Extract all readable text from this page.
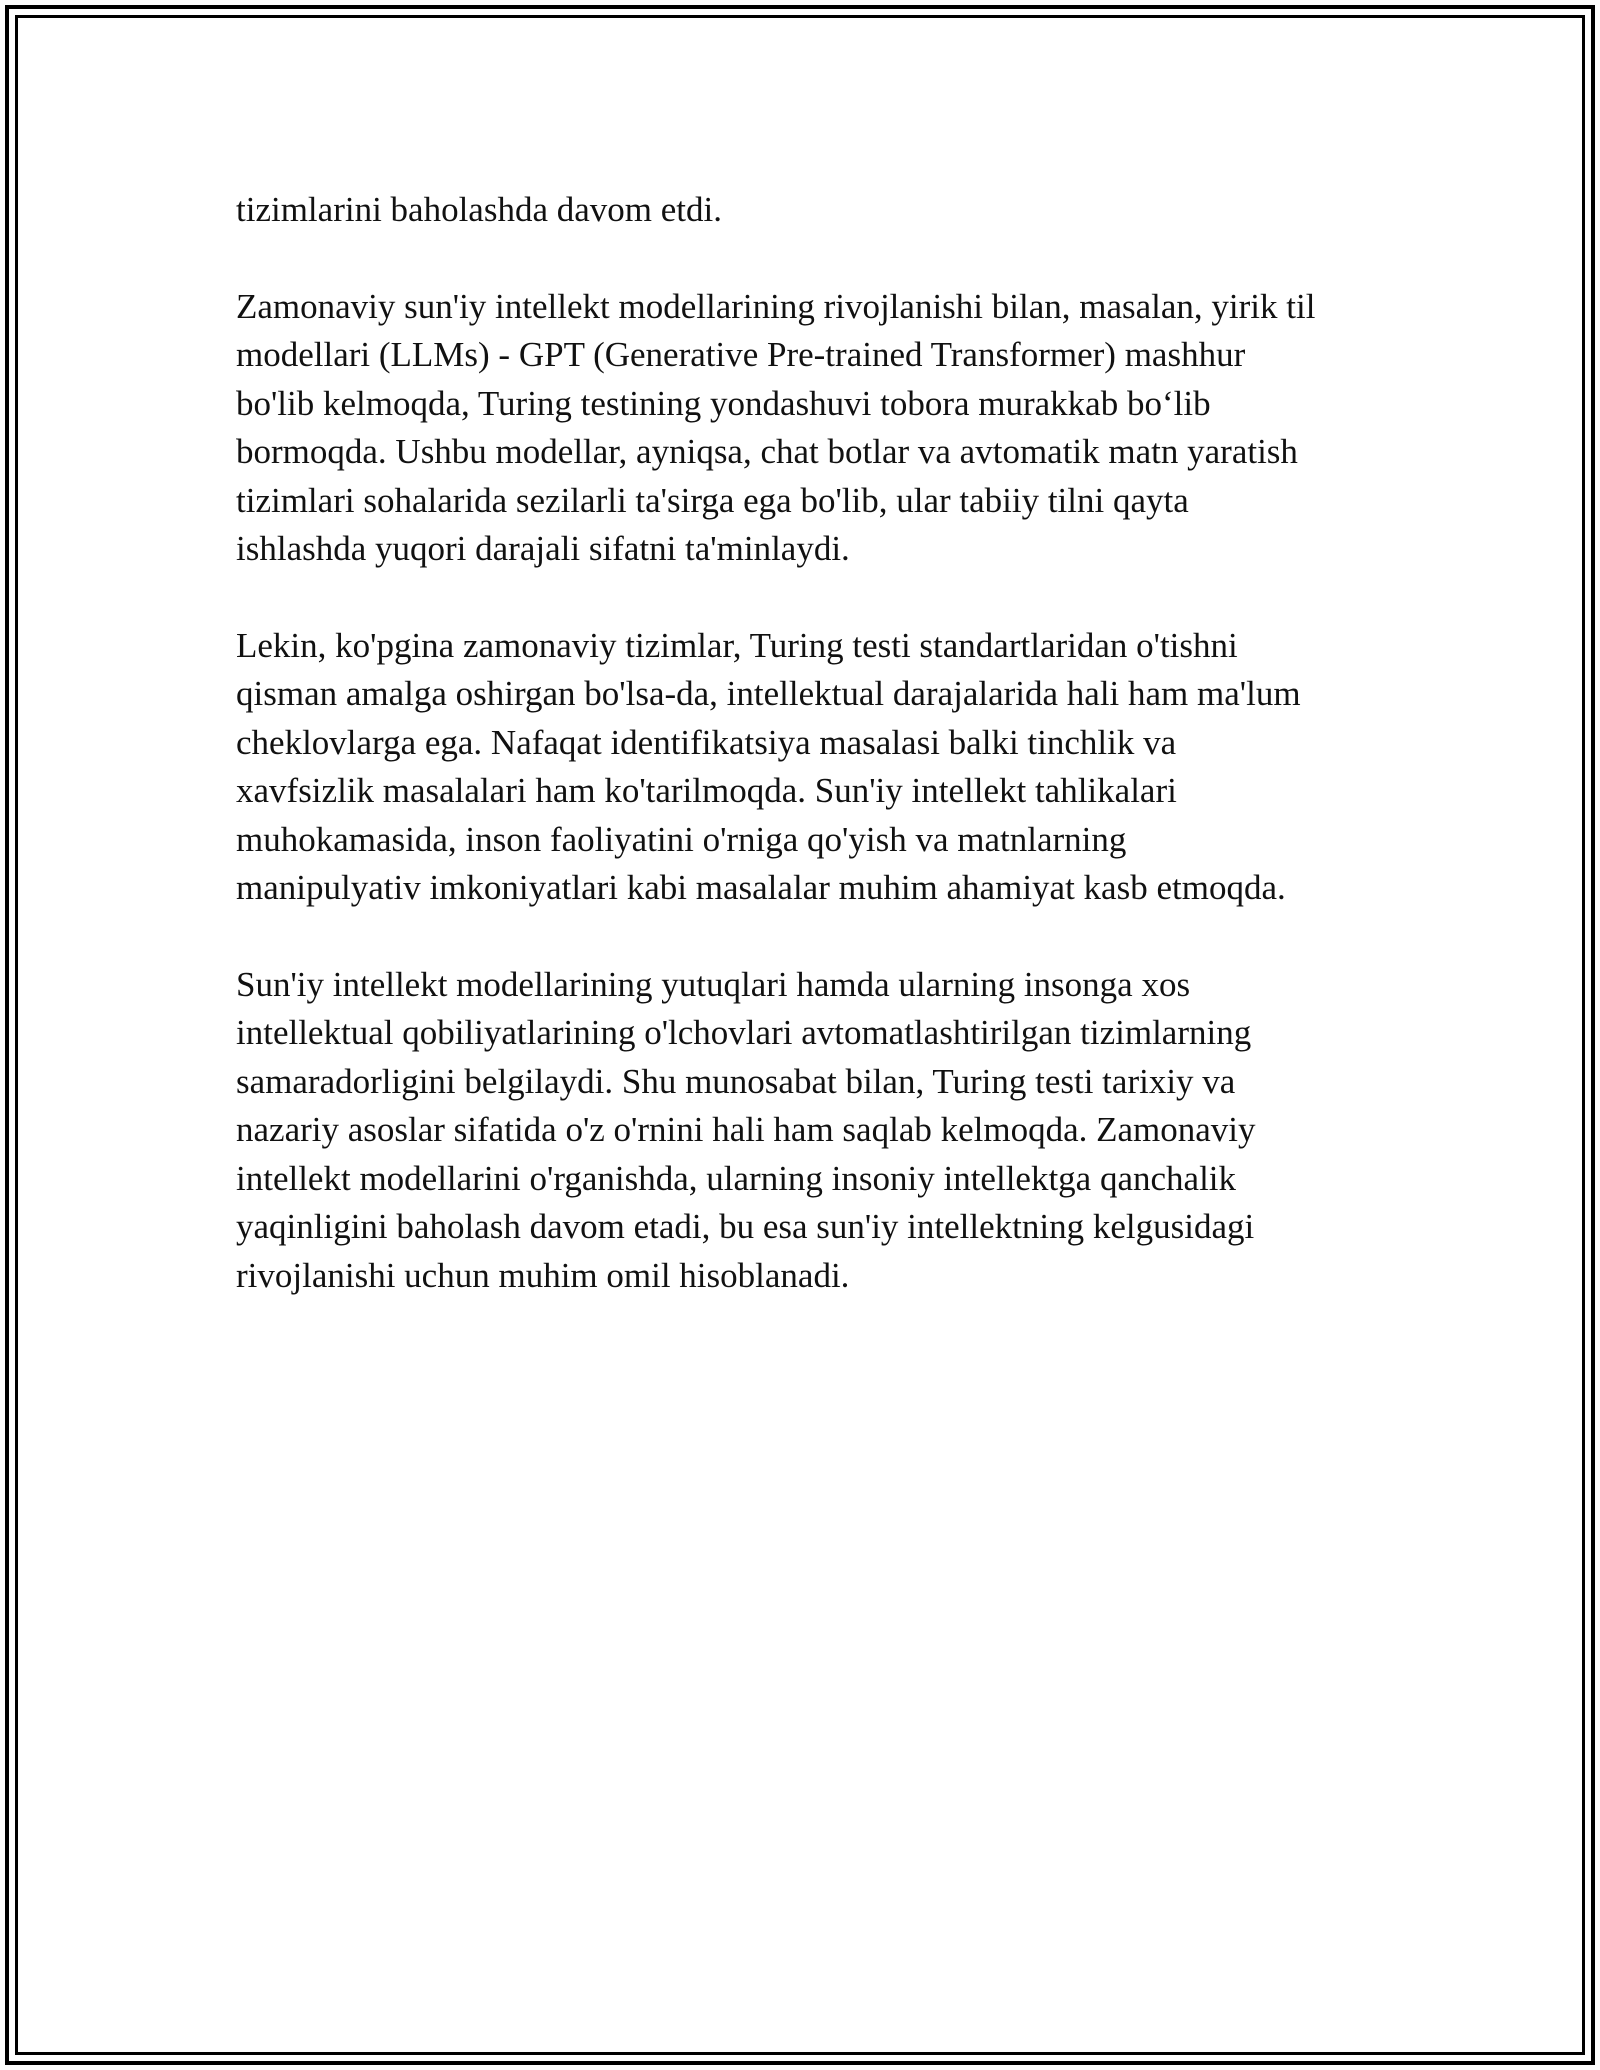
tizimlarini baholashda davom etdi.
Zamonaviy sun'iy intellekt modellarining rivojlanishi bilan, masalan, yirik til
modellari (LLMs) - GPT (Generative Pre-trained Transformer) mashhur
bo'lib kelmoqda, Turing testining yondashuvi tobora murakkab bo‘lib
bormoqda. Ushbu modellar, ayniqsa, chat botlar va avtomatik matn yaratish
tizimlari sohalarida sezilarli ta'sirga ega bo'lib, ular tabiiy tilni qayta
ishlashda yuqori darajali sifatni ta'minlaydi.
Lekin, ko'pgina zamonaviy tizimlar, Turing testi standartlaridan o'tishni
qisman amalga oshirgan bo'lsa-da, intellektual darajalarida hali ham ma'lum
cheklovlarga ega. Nafaqat identifikatsiya masalasi balki tinchlik va
xavfsizlik masalalari ham ko'tarilmoqda. Sun'iy intellekt tahlikalari
muhokamasida, inson faoliyatini o'rniga qo'yish va matnlarning
manipulyativ imkoniyatlari kabi masalalar muhim ahamiyat kasb etmoqda.
Sun'iy intellekt modellarining yutuqlari hamda ularning insonga xos
intellektual qobiliyatlarining o'lchovlari avtomatlashtirilgan tizimlarning
samaradorligini belgilaydi. Shu munosabat bilan, Turing testi tarixiy va
nazariy asoslar sifatida o'z o'rnini hali ham saqlab kelmoqda. Zamonaviy
intellekt modellarini o'rganishda, ularning insoniy intellektga qanchalik
yaqinligini baholash davom etadi, bu esa sun'iy intellektning kelgusidagi
rivojlanishi uchun muhim omil hisoblanadi.
